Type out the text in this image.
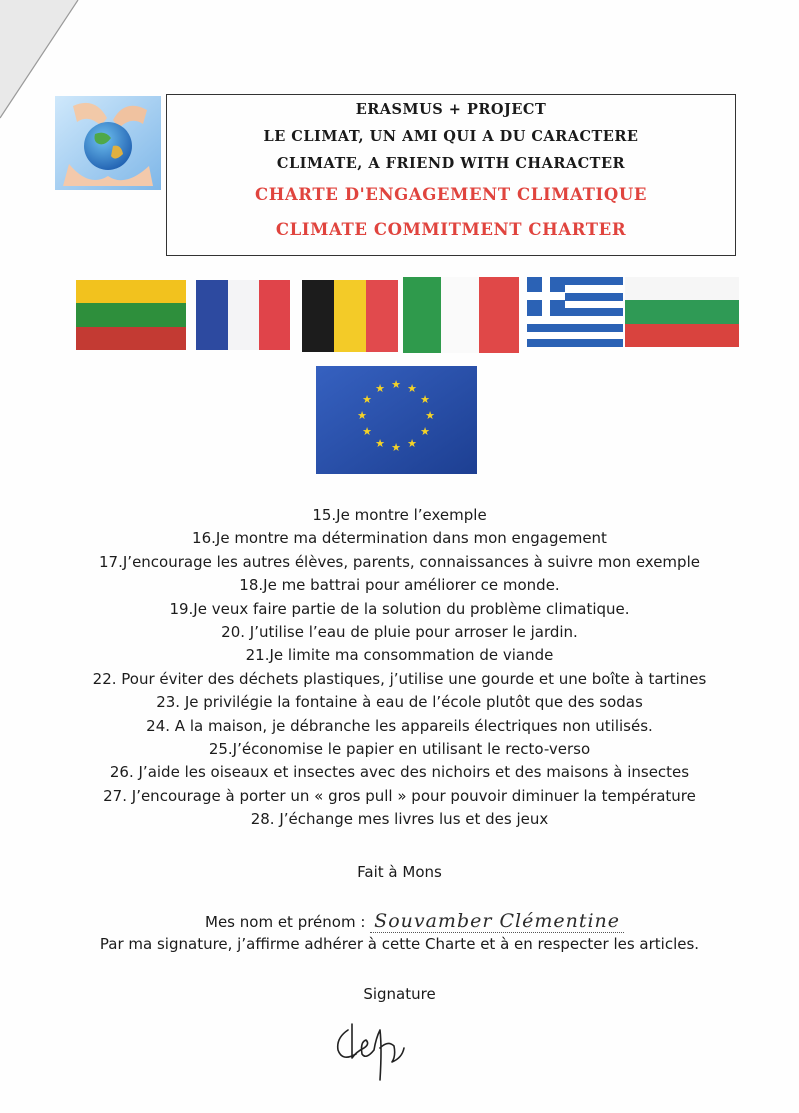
ERASMUS + PROJECT
LE CLIMAT, UN AMI QUI A DU CARACTERE
CLIMATE, A FRIEND WITH CHARACTER
CHARTE D'ENGAGEMENT CLIMATIQUE
CLIMATE COMMITMENT CHARTER
★ ★
★
★
★
★
★
★
★
★
★
★
15.Je montre l’exemple
16.Je montre ma détermination dans mon engagement
17.J’encourage les autres élèves, parents, connaissances à suivre mon exemple
18.Je me battrai pour améliorer ce monde.
19.Je veux faire partie de la solution du problème climatique.
20. J’utilise l’eau de pluie pour arroser le jardin.
21.Je limite ma consommation de viande
22. Pour éviter des déchets plastiques, j’utilise une gourde et une boîte à tartines
23. Je privilégie la fontaine à eau de l’école plutôt que des sodas
24. A la maison, je débranche les appareils électriques non utilisés.
25.J’économise le papier en utilisant le recto-verso
26. J’aide les oiseaux et insectes avec des nichoirs et des maisons à insectes
27. J’encourage à porter un « gros pull » pour pouvoir diminuer la température
28. J’échange mes livres lus et des jeux
Fait à Mons
Mes nom et prénom : Souvamber Clémentine
Par ma signature, j’affirme adhérer à cette Charte et à en respecter les articles.
Signature
